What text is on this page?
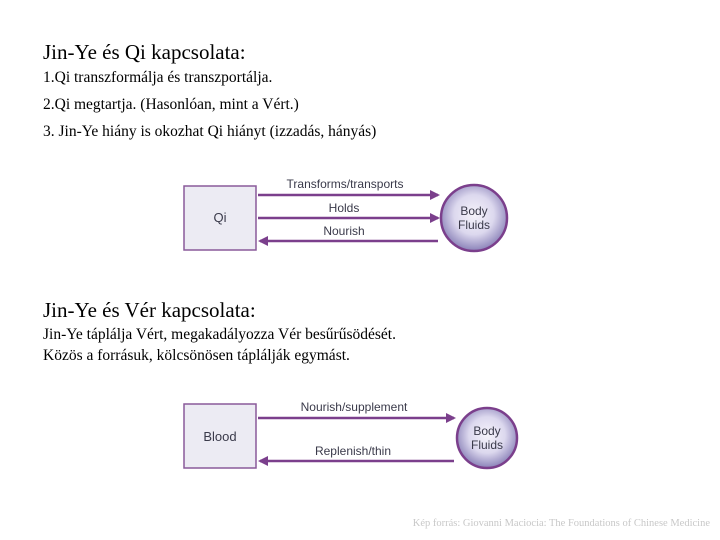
Jin-Ye és Qi kapcsolata:
1.Qi transzformálja és transzportálja.
2.Qi megtartja. (Hasonlóan, mint a Vért.)
3. Jin-Ye hiány is okozhat Qi hiányt (izzadás, hányás)
Jin-Ye és Vér kapcsolata:
Jin-Ye táplálja Vért, megakadályozza Vér besűrűsödését.
Közös a forrásuk, kölcsönösen táplálják egymást.
Qi	Body
Fluids
Transforms/transports
Holds
Nourish
Blood	Body
Fluids
Nourish/supplement
Replenish/thin
Kép forrás: Giovanni Maciocia: The Foundations of Chinese Medicine
